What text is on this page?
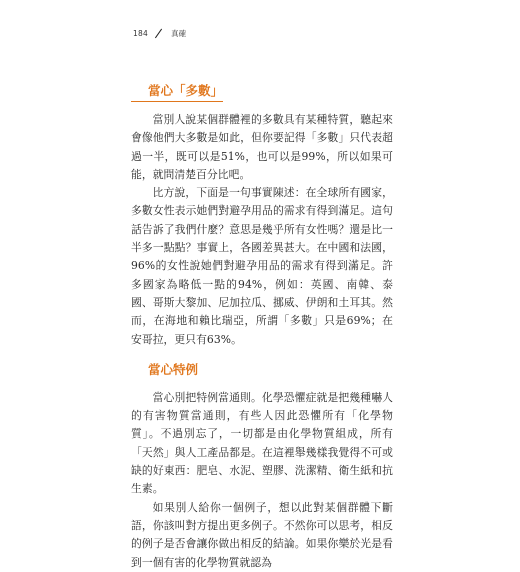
184	真確
當心「多數」

當別人說某個群體裡的多數具有某種特質，聽起來會像他們大多數是如此，但你要記得「多數」只代表超過一半，既可以是51%，也可以是99%，所以如果可能，就問清楚百分比吧。

比方說，下面是一句事實陳述：在全球所有國家，多數女性表示她們對避孕用品的需求有得到滿足。這句話告訴了我們什麼？意思是幾乎所有女性嗎？還是比一半多一點點？事實上，各國差異甚大。在中國和法國，96%的女性說她們對避孕用品的需求有得到滿足。許多國家為略低一點的94%，例如：英國、南韓、泰國、哥斯大黎加、尼加拉瓜、挪威、伊朗和土耳其。然而，在海地和賴比瑞亞，所謂「多數」只是69%；在安哥拉，更只有63%。

當心特例

當心別把特例當通則。化學恐懼症就是把幾種嚇人的有害物質當通則，有些人因此恐懼所有「化學物質」。不過別忘了，一切都是由化學物質組成，所有「天然」與人工產品都是。在這裡舉幾樣我覺得不可或缺的好東西：肥皂、水泥、塑膠、洗潔精、衛生紙和抗生素。

如果別人給你一個例子，想以此對某個群體下斷語，你該叫對方提出更多例子。不然你可以思考，相反的例子是否會讓你做出相反的結論。如果你樂於光是看到一個有害的化學物質就認為
